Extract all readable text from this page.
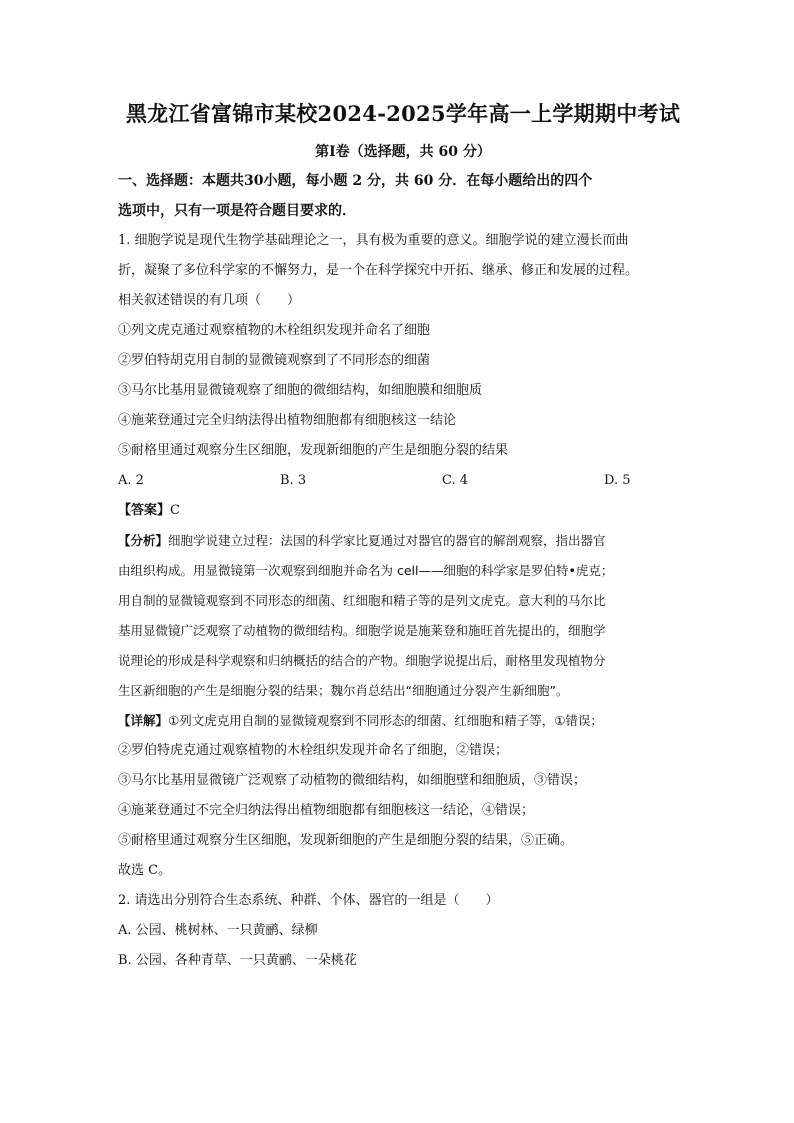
黑龙江省富锦市某校2024-2025学年高一上学期期中考试
第Ⅰ卷（选择题，共 60 分）
一、选择题：本题共30小题，每小题 2 分，共 60 分．在每小题给出的四个
选项中，只有一项是符合题目要求的．

1. 细胞学说是现代生物学基础理论之一，具有极为重要的意义。细胞学说的建立漫长而曲

折，凝聚了多位科学家的不懈努力，是一个在科学探究中开拓、继承、修正和发展的过程。

相关叙述错误的有几项（　　）

①列文虎克通过观察植物的木栓组织发现并命名了细胞

②罗伯特胡克用自制的显微镜观察到了不同形态的细菌

③马尔比基用显微镜观察了细胞的微细结构，如细胞膜和细胞质

④施莱登通过完全归纳法得出植物细胞都有细胞核这一结论

⑤耐格里通过观察分生区细胞，发现新细胞的产生是细胞分裂的结果

A. 2	B. 3	C. 4	D. 5

【答案】C

【分析】细胞学说建立过程：法国的科学家比夏通过对器官的器官的解剖观察，指出器官

由组织构成。用显微镜第一次观察到细胞并命名为 cell——细胞的科学家是罗伯特•虎克；

用自制的显微镜观察到不同形态的细菌、红细胞和精子等的是列文虎克。意大利的马尔比

基用显微镜广泛观察了动植物的微细结构。细胞学说是施莱登和施旺首先提出的，细胞学

说理论的形成是科学观察和归纳概括的结合的产物。细胞学说提出后，耐格里发现植物分

生区新细胞的产生是细胞分裂的结果；魏尔肖总结出“细胞通过分裂产生新细胞”。

【详解】①列文虎克用自制的显微镜观察到不同形态的细菌、红细胞和精子等，①错误；

②罗伯特虎克通过观察植物的木栓组织发现并命名了细胞，②错误；

③马尔比基用显微镜广泛观察了动植物的微细结构，如细胞壁和细胞质，③错误；

④施莱登通过不完全归纳法得出植物细胞都有细胞核这一结论，④错误；

⑤耐格里通过观察分生区细胞，发现新细胞的产生是细胞分裂的结果，⑤正确。

故选 C。

2. 请选出分别符合生态系统、种群、个体、器官的一组是（　　）

A. 公园、桃树林、一只黄鹂、绿柳

B. 公园、各种青草、一只黄鹂、一朵桃花
